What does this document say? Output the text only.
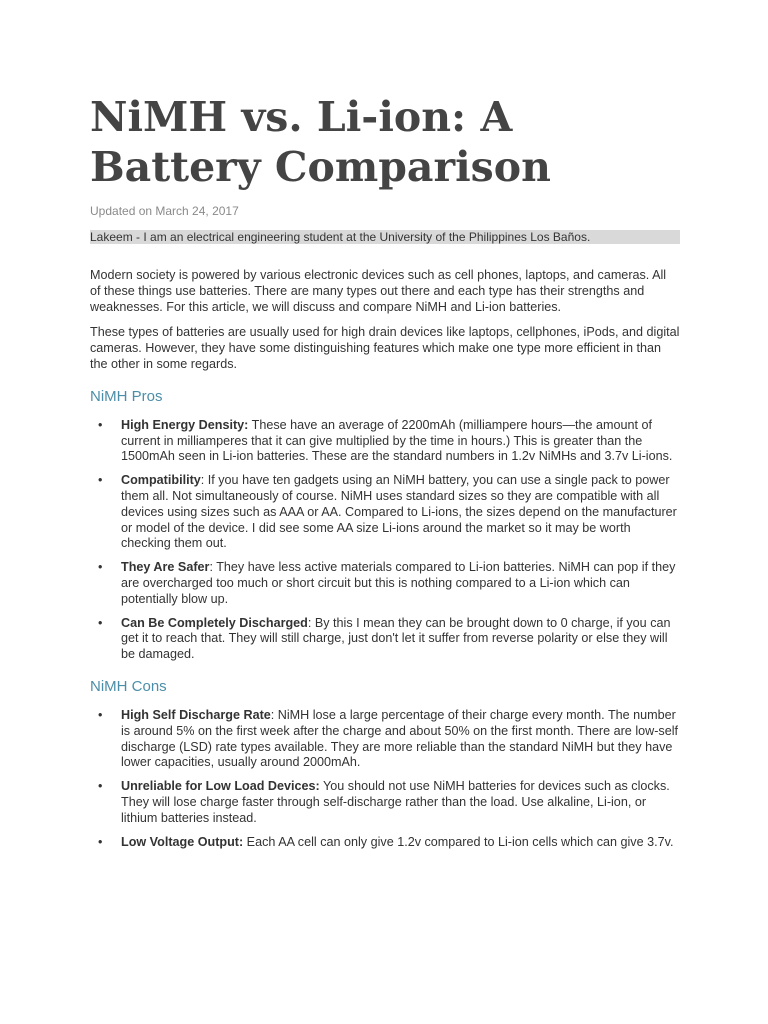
NiMH vs. Li-ion: A Battery Comparison
Updated on March 24, 2017
Lakeem - I am an electrical engineering student at the University of the Philippines Los Baños.

Modern society is powered by various electronic devices such as cell phones, laptops, and cameras. All of these things use batteries. There are many types out there and each type has their strengths and weaknesses. For this article, we will discuss and compare NiMH and Li-ion batteries.

These types of batteries are usually used for high drain devices like laptops, cellphones, iPods, and digital cameras. However, they have some distinguishing features which make one type more efficient in than the other in some regards.

NiMH Pros
• High Energy Density: These have an average of 2200mAh (milliampere hours—the amount of current in milliamperes that it can give multiplied by the time in hours.) This is greater than the 1500mAh seen in Li-ion batteries. These are the standard numbers in 1.2v NiMHs and 3.7v Li-ions.
• Compatibility: If you have ten gadgets using an NiMH battery, you can use a single pack to power them all. Not simultaneously of course. NiMH uses standard sizes so they are compatible with all devices using sizes such as AAA or AA. Compared to Li-ions, the sizes depend on the manufacturer or model of the device. I did see some AA size Li-ions around the market so it may be worth checking them out.
• They Are Safer: They have less active materials compared to Li-ion batteries. NiMH can pop if they are overcharged too much or short circuit but this is nothing compared to a Li-ion which can potentially blow up.
• Can Be Completely Discharged: By this I mean they can be brought down to 0 charge, if you can get it to reach that. They will still charge, just don't let it suffer from reverse polarity or else they will be damaged.
NiMH Cons
• High Self Discharge Rate: NiMH lose a large percentage of their charge every month. The number is around 5% on the first week after the charge and about 50% on the first month. There are low-self discharge (LSD) rate types available. They are more reliable than the standard NiMH but they have lower capacities, usually around 2000mAh.
• Unreliable for Low Load Devices: You should not use NiMH batteries for devices such as clocks. They will lose charge faster through self-discharge rather than the load. Use alkaline, Li-ion, or lithium batteries instead.
• Low Voltage Output: Each AA cell can only give 1.2v compared to Li-ion cells which can give 3.7v.
